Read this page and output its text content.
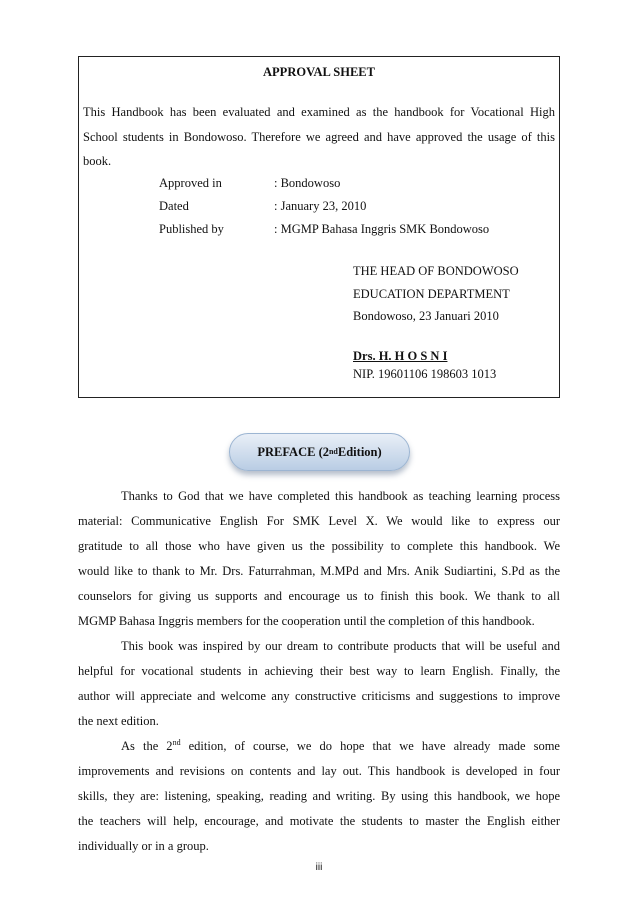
APPROVAL SHEET
This Handbook has been evaluated and examined as the handbook for Vocational High
School students in Bondowoso. Therefore we agreed and have approved the usage of this
book.
Approved in	: Bondowoso
Dated	: January 23, 2010
Published by	: MGMP Bahasa Inggris SMK Bondowoso
THE HEAD OF BONDOWOSO
EDUCATION DEPARTMENT
Bondowoso, 23 Januari 2010
Drs. H. H O S N I
NIP. 19601106 198603 1013
PREFACE (2 nd Edition)
Thanks to God that we have completed this handbook as teaching learning process
material: Communicative English For SMK Level X. We would like to express our
gratitude to all those who have given us the possibility to complete this handbook. We
would like to thank to Mr. Drs. Faturrahman, M.MPd and Mrs. Anik Sudiartini, S.Pd as the
counselors for giving us supports and encourage us to finish this book. We thank to all
MGMP Bahasa Inggris members for the cooperation until the completion of this handbook.
This book was inspired by our dream to contribute products that will be useful and
helpful for vocational students in achieving their best way to learn English. Finally, the
author will appreciate and welcome any constructive criticisms and suggestions to improve
the next edition.
As the 2nd edition, of course, we do hope that we have already made some
improvements and revisions on contents and lay out. This handbook is developed in four
skills, they are: listening, speaking, reading and writing. By using this handbook, we hope
the teachers will help, encourage, and motivate the students to master the English either
individually or in a group.
iii
